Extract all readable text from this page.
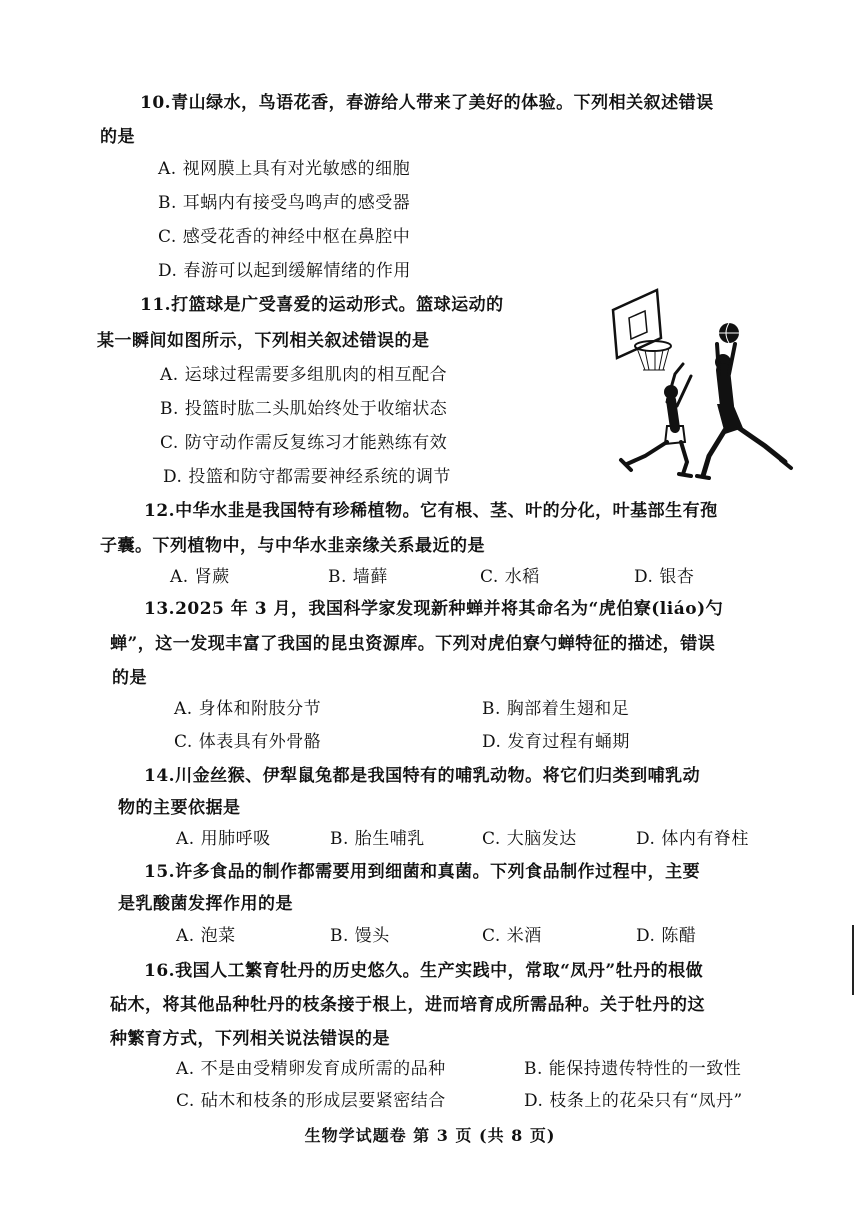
10.青山绿水，鸟语花香，春游给人带来了美好的体验。下列相关叙述错误
的是
A. 视网膜上具有对光敏感的细胞
B. 耳蜗内有接受鸟鸣声的感受器
C. 感受花香的神经中枢在鼻腔中
D. 春游可以起到缓解情绪的作用
11.打篮球是广受喜爱的运动形式。篮球运动的
某一瞬间如图所示，下列相关叙述错误的是
A. 运球过程需要多组肌肉的相互配合
B. 投篮时肱二头肌始终处于收缩状态
C. 防守动作需反复练习才能熟练有效
D. 投篮和防守都需要神经系统的调节
12.中华水韭是我国特有珍稀植物。它有根、茎、叶的分化，叶基部生有孢
子囊。下列植物中，与中华水韭亲缘关系最近的是
A. 肾蕨	B. 墙藓	C. 水稻	D. 银杏
13.2025 年 3 月，我国科学家发现新种蝉并将其命名为“虎伯寮(liáo)勺
蝉”，这一发现丰富了我国的昆虫资源库。下列对虎伯寮勺蝉特征的描述，错误
的是
A. 身体和附肢分节	B. 胸部着生翅和足
C. 体表具有外骨骼	D. 发育过程有蛹期
14.川金丝猴、伊犁鼠兔都是我国特有的哺乳动物。将它们归类到哺乳动
物的主要依据是
A. 用肺呼吸	B. 胎生哺乳	C. 大脑发达	D. 体内有脊柱
15.许多食品的制作都需要用到细菌和真菌。下列食品制作过程中，主要
是乳酸菌发挥作用的是
A. 泡菜	B. 馒头	C. 米酒	D. 陈醋
16.我国人工繁育牡丹的历史悠久。生产实践中，常取“凤丹”牡丹的根做
砧木，将其他品种牡丹的枝条接于根上，进而培育成所需品种。关于牡丹的这
种繁育方式，下列相关说法错误的是
A. 不是由受精卵发育成所需的品种	B. 能保持遗传特性的一致性
C. 砧木和枝条的形成层要紧密结合	D. 枝条上的花朵只有“凤丹”
生物学试题卷 第 3 页 (共 8 页)
